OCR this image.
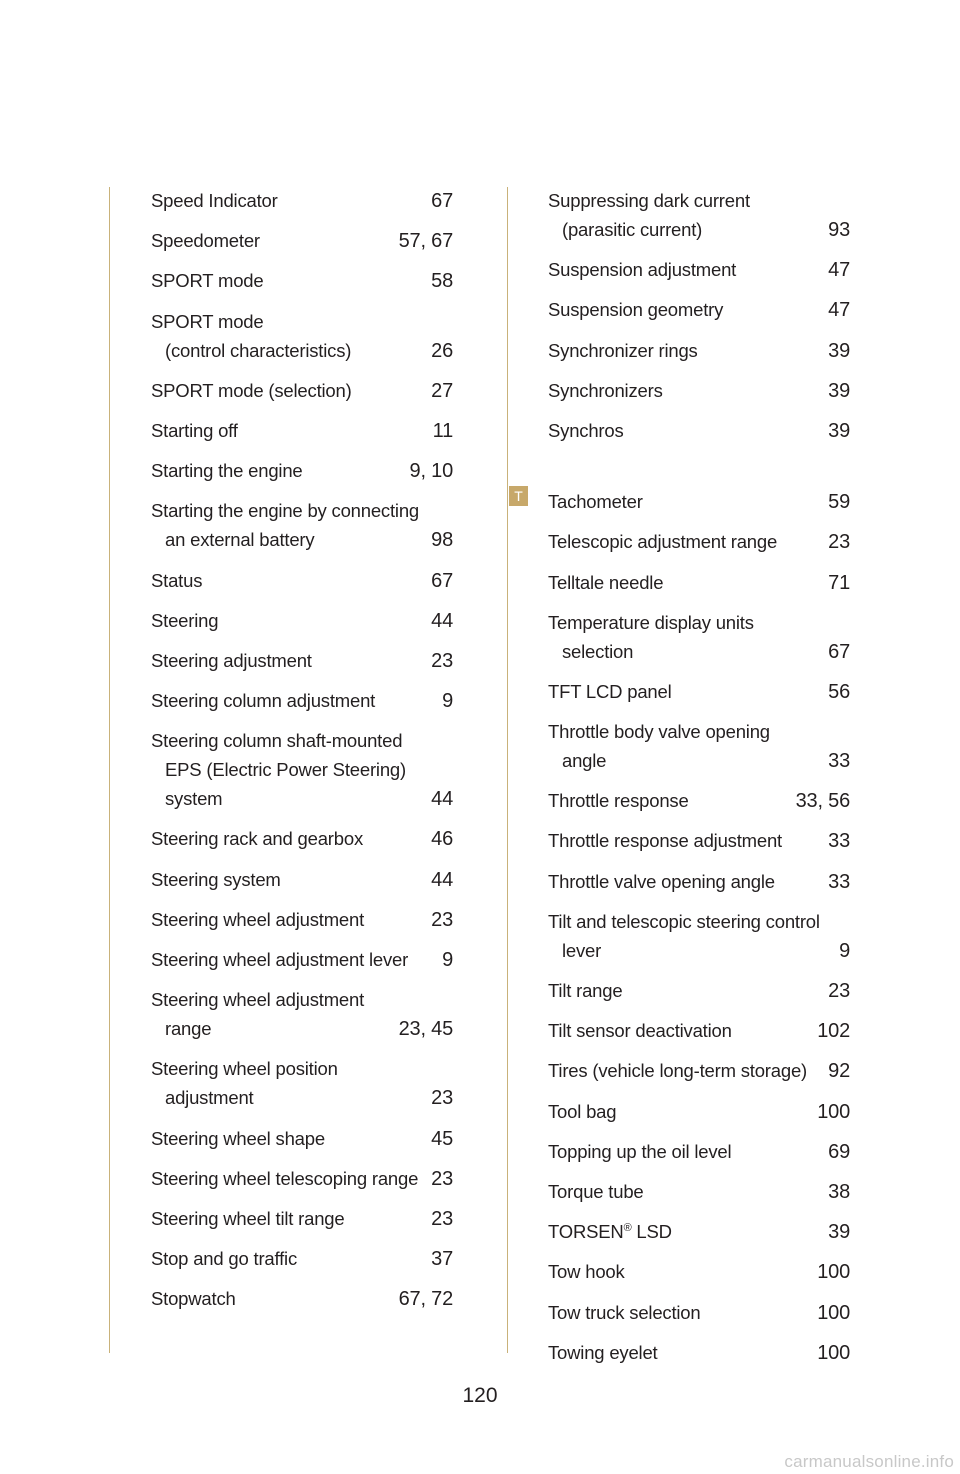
Speed Indicator	67
Speedometer	57, 67
SPORT mode	58
SPORT mode
(control characteristics)	26
SPORT mode (selection)	27
Starting off	11
Starting the engine	9, 10
Starting the engine by connecting
an external battery	98
Status	67
Steering	44
Steering adjustment	23
Steering column adjustment	9
Steering column shaft-mounted
EPS (Electric Power Steering)
system	44
Steering rack and gearbox	46
Steering system	44
Steering wheel adjustment	23
Steering wheel adjustment lever 9
Steering wheel adjustment
range	23, 45
Steering wheel position
adjustment	23
Steering wheel shape	45
Steering wheel telescoping range 23
Steering wheel tilt range	23
Stop and go traffic	37
Stopwatch	67, 72
Suppressing dark current
(parasitic current)	93
Suspension adjustment	47
Suspension geometry	47
Synchronizer rings	39
Synchronizers	39
Synchros	39
Tachometer	59
Telescopic adjustment range	23
Telltale needle	71
Temperature display units
selection	67
TFT LCD panel	56
Throttle body valve opening
angle	33
Throttle response	33, 56
Throttle response adjustment 33
Throttle valve opening angle	33
Tilt and telescopic steering control
lever	9
Tilt range	23
Tilt sensor deactivation	102
Tires (vehicle long-term storage) 92
Tool bag	100
Topping up the oil level	69
Torque tube	38
TORSEN® LSD	39
Tow hook	100
Tow truck selection	100
Towing eyelet	100
T
120
carmanualsonline.info
